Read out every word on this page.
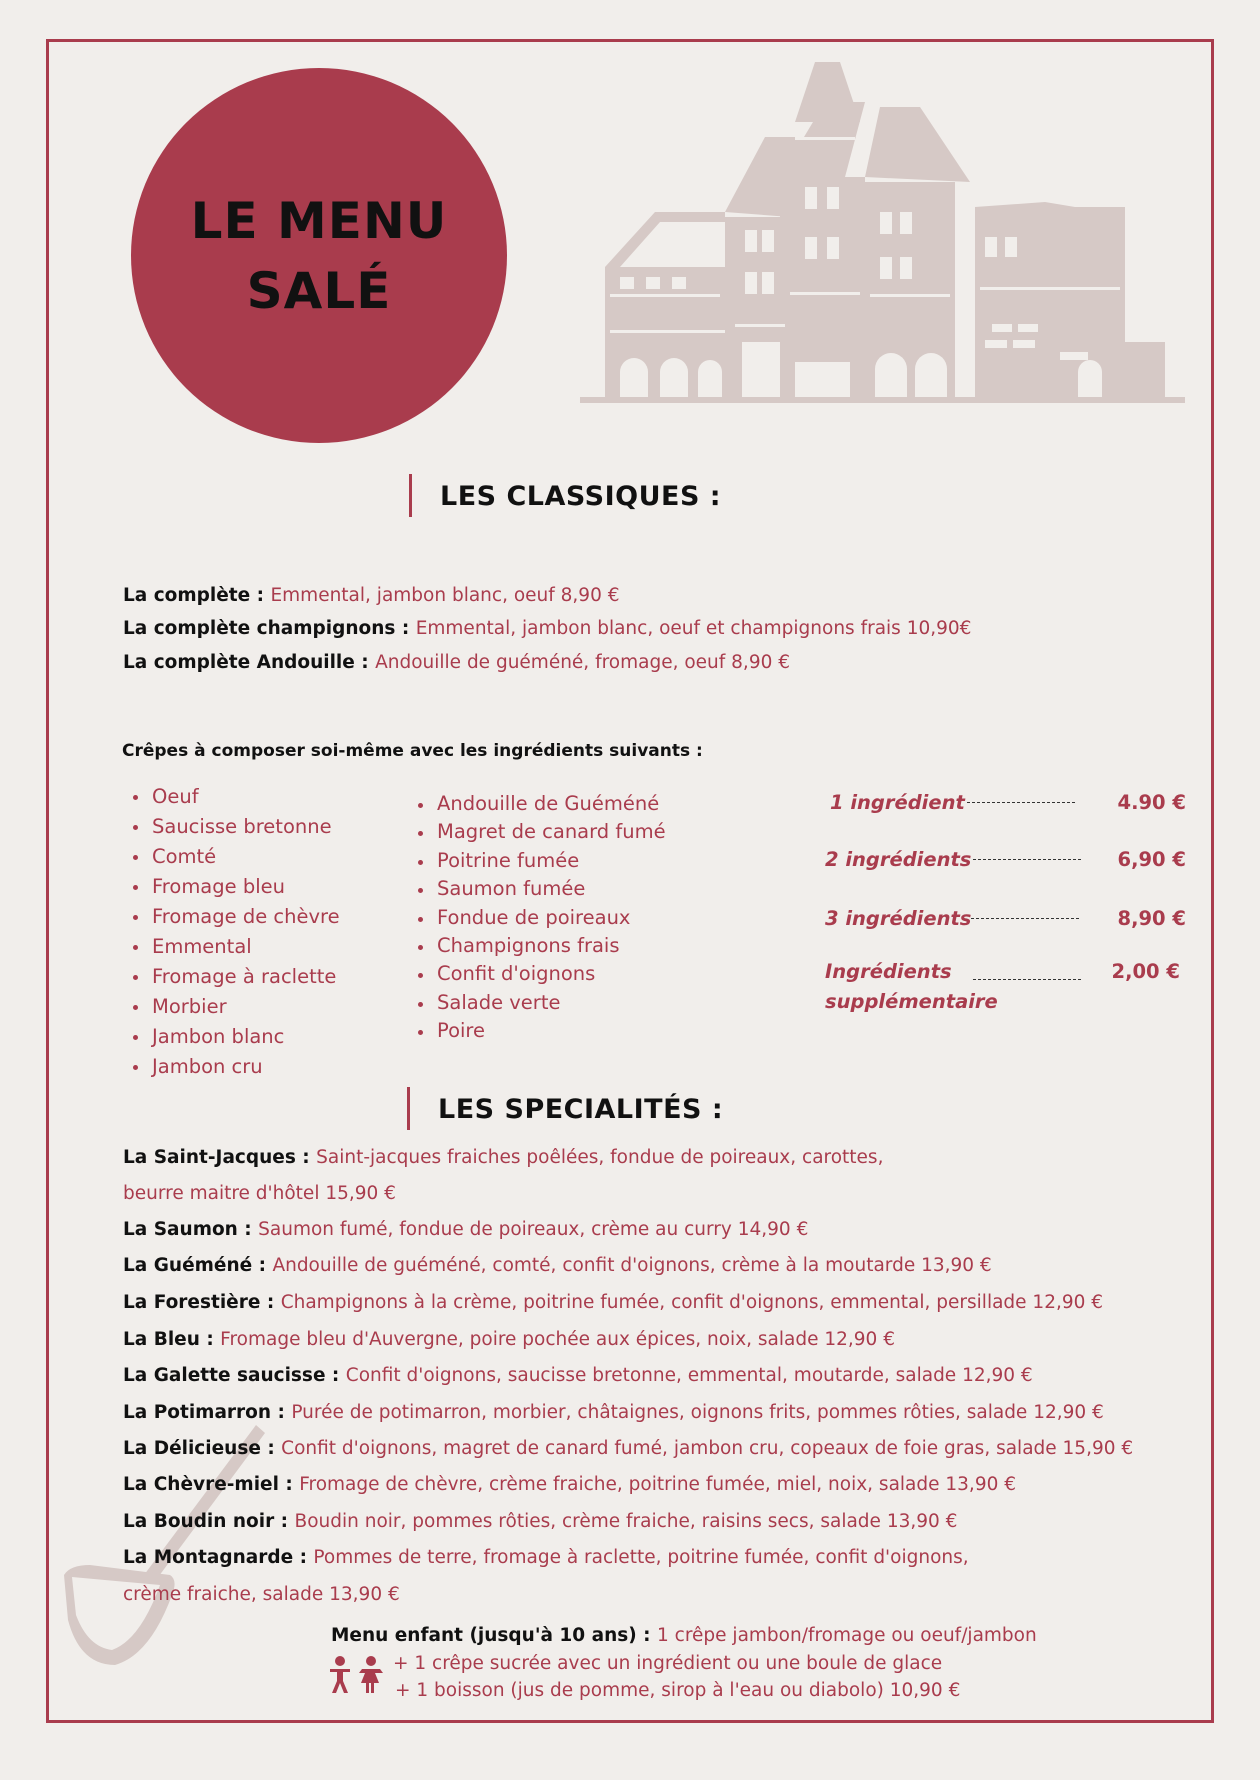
LE MENU
SALÉ
LES CLASSIQUES :
La complète : Emmental, jambon blanc, oeuf 8,90 €
La complète champignons : Emmental, jambon blanc, oeuf et champignons frais 10,90€
La complète Andouille : Andouille de guéméné, fromage, oeuf 8,90 €
Crêpes à composer soi-même avec les ingrédients suivants :
Oeuf
Saucisse bretonne
Comté
Fromage bleu
Fromage de chèvre
Emmental
Fromage à raclette
Morbier
Jambon blanc
Jambon cru
Andouille de Guéméné
Magret de canard fumé
Poitrine fumée
Saumon fumée
Fondue de poireaux
Champignons frais
Confit d'oignons
Salade verte
Poire
1 ingrédient	4.90 €
2 ingrédients	6,90 €
3 ingrédients	8,90 €
Ingrédients
supplémentaire
2,00 €
LES SPECIALITÉS :
La Saint-Jacques : Saint-jacques fraiches poêlées, fondue de poireaux, carottes,
beurre maitre d'hôtel 15,90 €
La Saumon : Saumon fumé, fondue de poireaux, crème au curry 14,90 €
La Guéméné : Andouille de guéméné, comté, confit d'oignons, crème à la moutarde 13,90 €
La Forestière : Champignons à la crème, poitrine fumée, confit d'oignons, emmental, persillade 12,90 €
La Bleu : Fromage bleu d'Auvergne, poire pochée aux épices, noix, salade 12,90 €
La Galette saucisse : Confit d'oignons, saucisse bretonne, emmental, moutarde, salade 12,90 €
La Potimarron : Purée de potimarron, morbier, châtaignes, oignons frits, pommes rôties, salade 12,90 €
La Délicieuse : Confit d'oignons, magret de canard fumé, jambon cru, copeaux de foie gras, salade 15,90 €
La Chèvre-miel : Fromage de chèvre, crème fraiche, poitrine fumée, miel, noix, salade 13,90 €
La Boudin noir : Boudin noir, pommes rôties, crème fraiche, raisins secs, salade 13,90 €
La Montagnarde : Pommes de terre, fromage à raclette, poitrine fumée, confit d'oignons,
crème fraiche, salade 13,90 €
Menu enfant (jusqu'à 10 ans) : 1 crêpe jambon/fromage ou oeuf/jambon
+ 1 crêpe sucrée avec un ingrédient ou une boule de glace
+ 1 boisson (jus de pomme, sirop à l'eau ou diabolo) 10,90 €
